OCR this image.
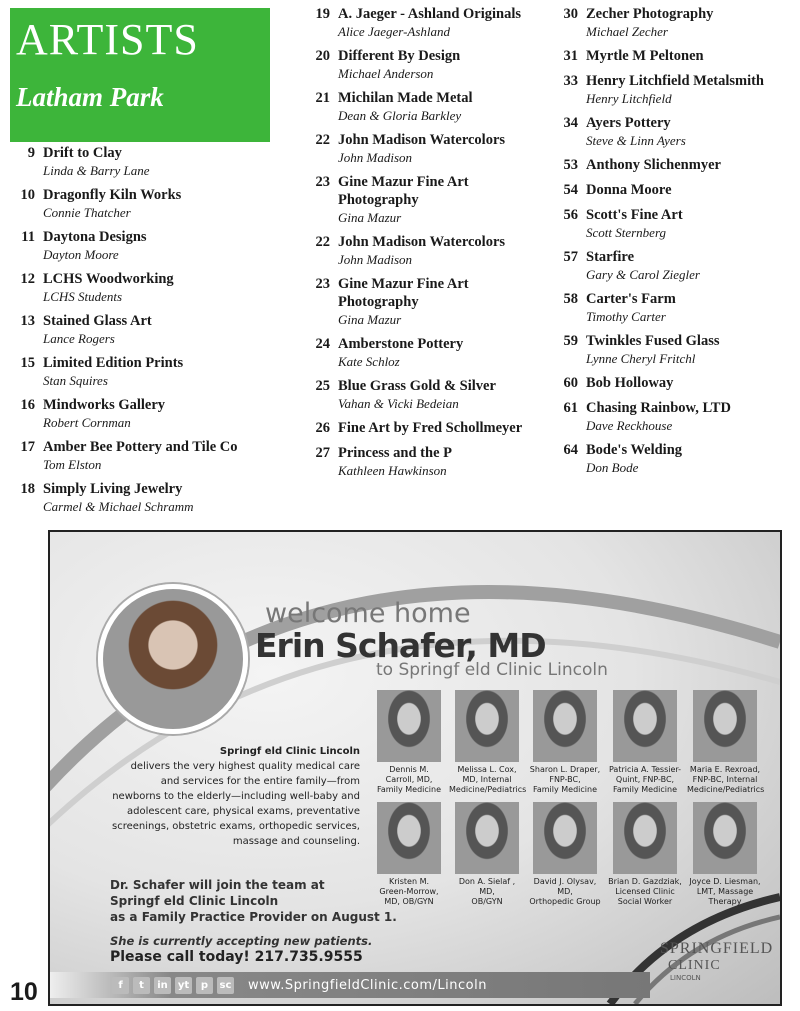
ARTISTS
Latham Park
9 Drift to Clay
Linda & Barry Lane
10 Dragonfly Kiln Works
Connie Thatcher
11 Daytona Designs
Dayton Moore
12 LCHS Woodworking
LCHS Students
13 Stained Glass Art
Lance Rogers
15 Limited Edition Prints
Stan Squires
16 Mindworks Gallery
Robert Cornman
17 Amber Bee Pottery and Tile Co
Tom Elston
18 Simply Living Jewelry
Carmel & Michael Schramm
19 A. Jaeger - Ashland Originals
Alice Jaeger-Ashland
20 Different By Design
Michael Anderson
21 Michilan Made Metal
Dean & Gloria Barkley
22 John Madison Watercolors
John Madison
23 Gine Mazur Fine Art Photography
Gina Mazur
22 John Madison Watercolors
John Madison
23 Gine Mazur Fine Art Photography
Gina Mazur
24 Amberstone Pottery
Kate Schloz
25 Blue Grass Gold & Silver
Vahan & Vicki Bedeian
26 Fine Art by Fred Schollmeyer
27 Princess and the P
Kathleen Hawkinson
30 Zecher Photography
Michael Zecher
31 Myrtle M Peltonen
33 Henry Litchfield Metalsmith
Henry Litchfield
34 Ayers Pottery
Steve & Linn Ayers
53 Anthony Slichenmyer
54 Donna Moore
56 Scott's Fine Art
Scott Sternberg
57 Starfire
Gary & Carol Ziegler
58 Carter's Farm
Timothy Carter
59 Twinkles Fused Glass
Lynne Cheryl Fritchl
60 Bob Holloway
61 Chasing Rainbow, LTD
Dave Reckhouse
64 Bode's Welding
Don Bode
welcome home
Erin Schafer, MD
to Springf eld Clinic Lincoln
Dennis M.
Carroll, MD,
Family Medicine
Melissa L. Cox,
MD, Internal
Medicine/Pediatrics
Sharon L. Draper,
FNP-BC,
Family Medicine
Patricia A. Tessier-
Quint, FNP-BC,
Family Medicine
Maria E. Rexroad,
FNP-BC, Internal
Medicine/Pediatrics
Kristen M.
Green-Morrow,
MD, OB/GYN
Don A. Sielaf ,
MD,
OB/GYN
David J. Olysav,
MD,
Orthopedic Group
Brian D. Gazdziak,
Licensed Clinic
Social Worker
Joyce D. Liesman,
LMT, Massage
Therapy
Springf eld Clinic Lincoln
delivers the very highest quality medical care and services for the entire family—from newborns to the elderly—including well-baby and adolescent care, physical exams, preventative screenings, obstetric exams, orthopedic services, massage and counseling.
Dr. Schafer will join the team at
Springf eld Clinic Lincoln
as a Family Practice Provider on August 1.
She is currently accepting new patients.
Please call today! 217.735.9555
f	t	in	yt	p	sc www.SpringfieldClinic.com/Lincoln
SPRINGFIELD
CLINIC
LINCOLN
10
